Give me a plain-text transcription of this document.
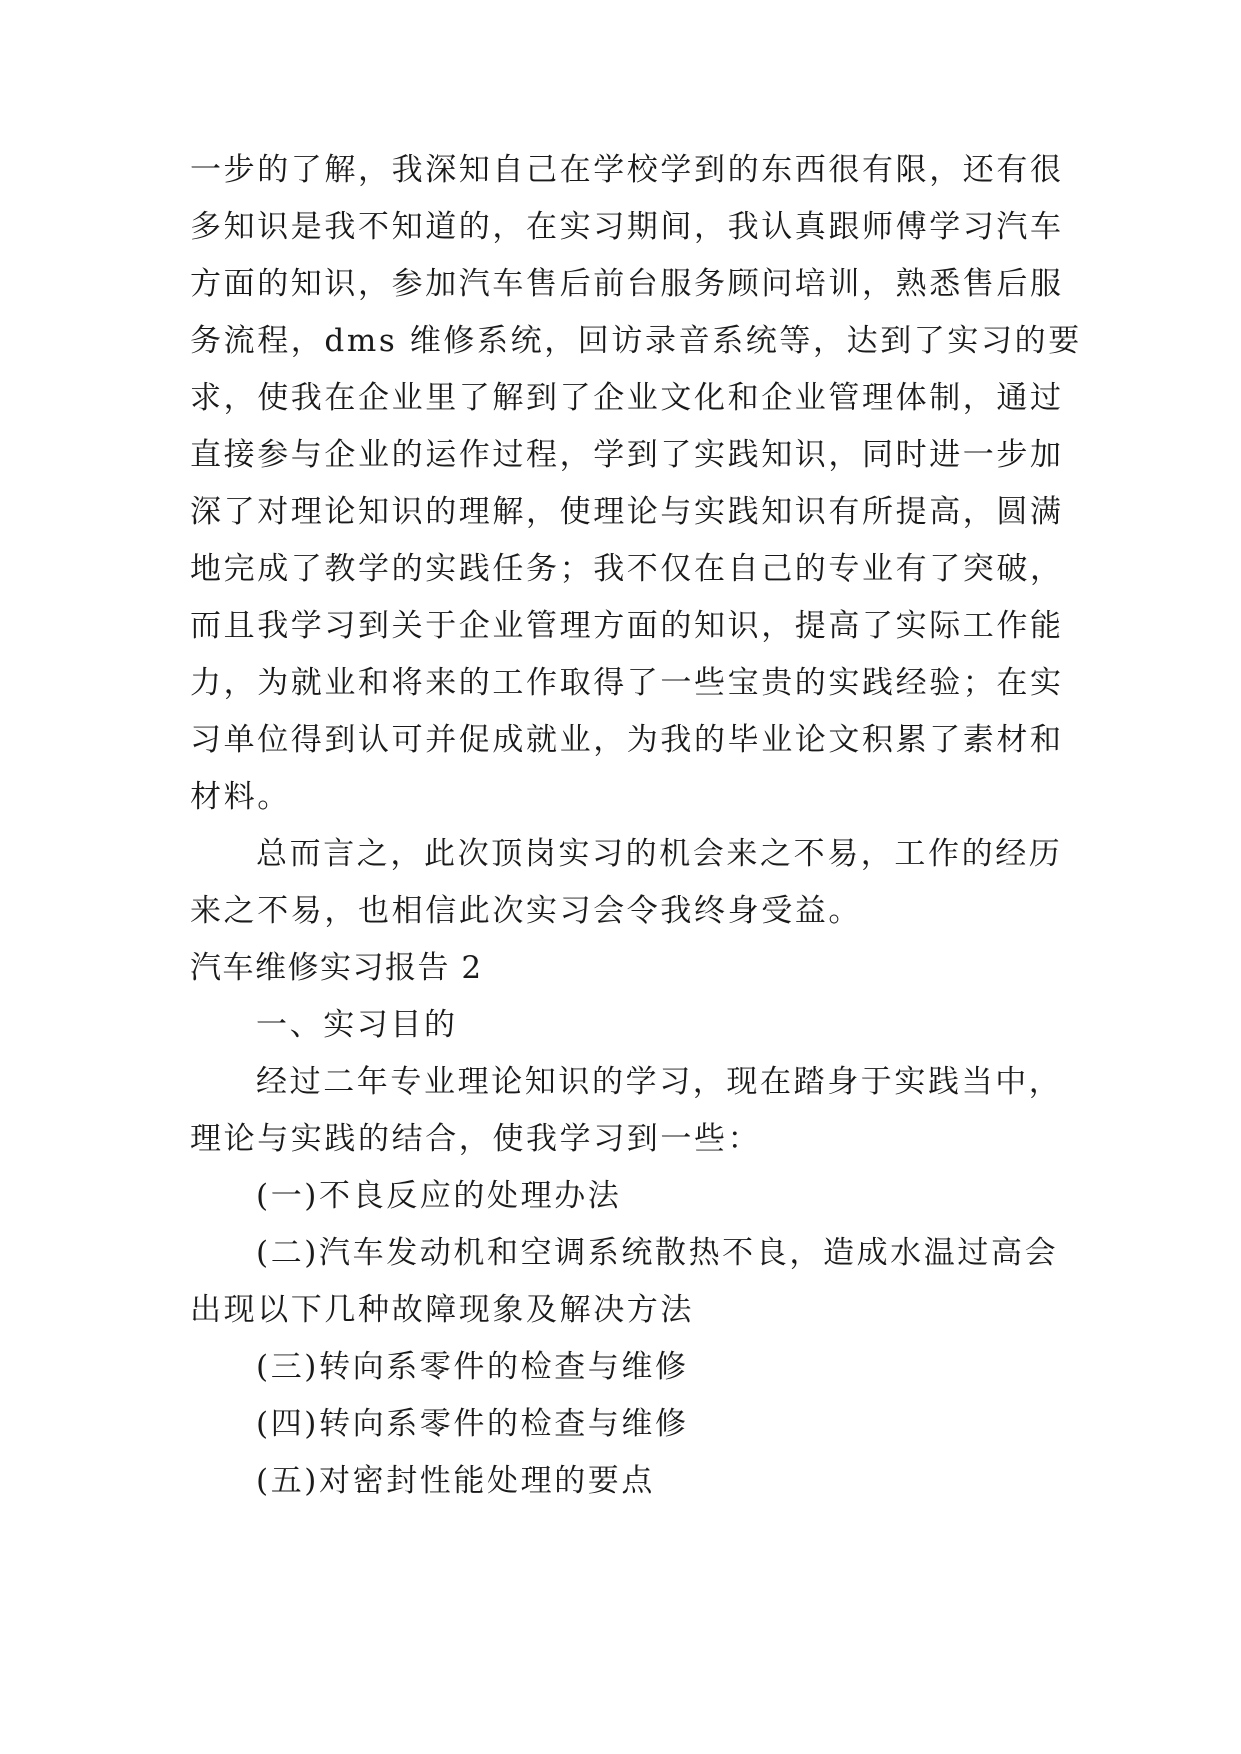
一步的了解，我深知自己在学校学到的东西很有限，还有很
多知识是我不知道的，在实习期间，我认真跟师傅学习汽车
方面的知识，参加汽车售后前台服务顾问培训，熟悉售后服
务流程，dms 维修系统，回访录音系统等，达到了实习的要
求，使我在企业里了解到了企业文化和企业管理体制，通过
直接参与企业的运作过程，学到了实践知识，同时进一步加
深了对理论知识的理解，使理论与实践知识有所提高，圆满
地完成了教学的实践任务；我不仅在自己的专业有了突破，
而且我学习到关于企业管理方面的知识，提高了实际工作能
力，为就业和将来的工作取得了一些宝贵的实践经验；在实
习单位得到认可并促成就业，为我的毕业论文积累了素材和
材料。
总而言之，此次顶岗实习的机会来之不易，工作的经历
来之不易，也相信此次实习会令我终身受益。
汽车维修实习报告 2
一、实习目的
经过二年专业理论知识的学习，现在踏身于实践当中，
理论与实践的结合，使我学习到一些：
(一)不良反应的处理办法
(二)汽车发动机和空调系统散热不良，造成水温过高会
出现以下几种故障现象及解决方法
(三)转向系零件的检查与维修
(四)转向系零件的检查与维修
(五)对密封性能处理的要点
